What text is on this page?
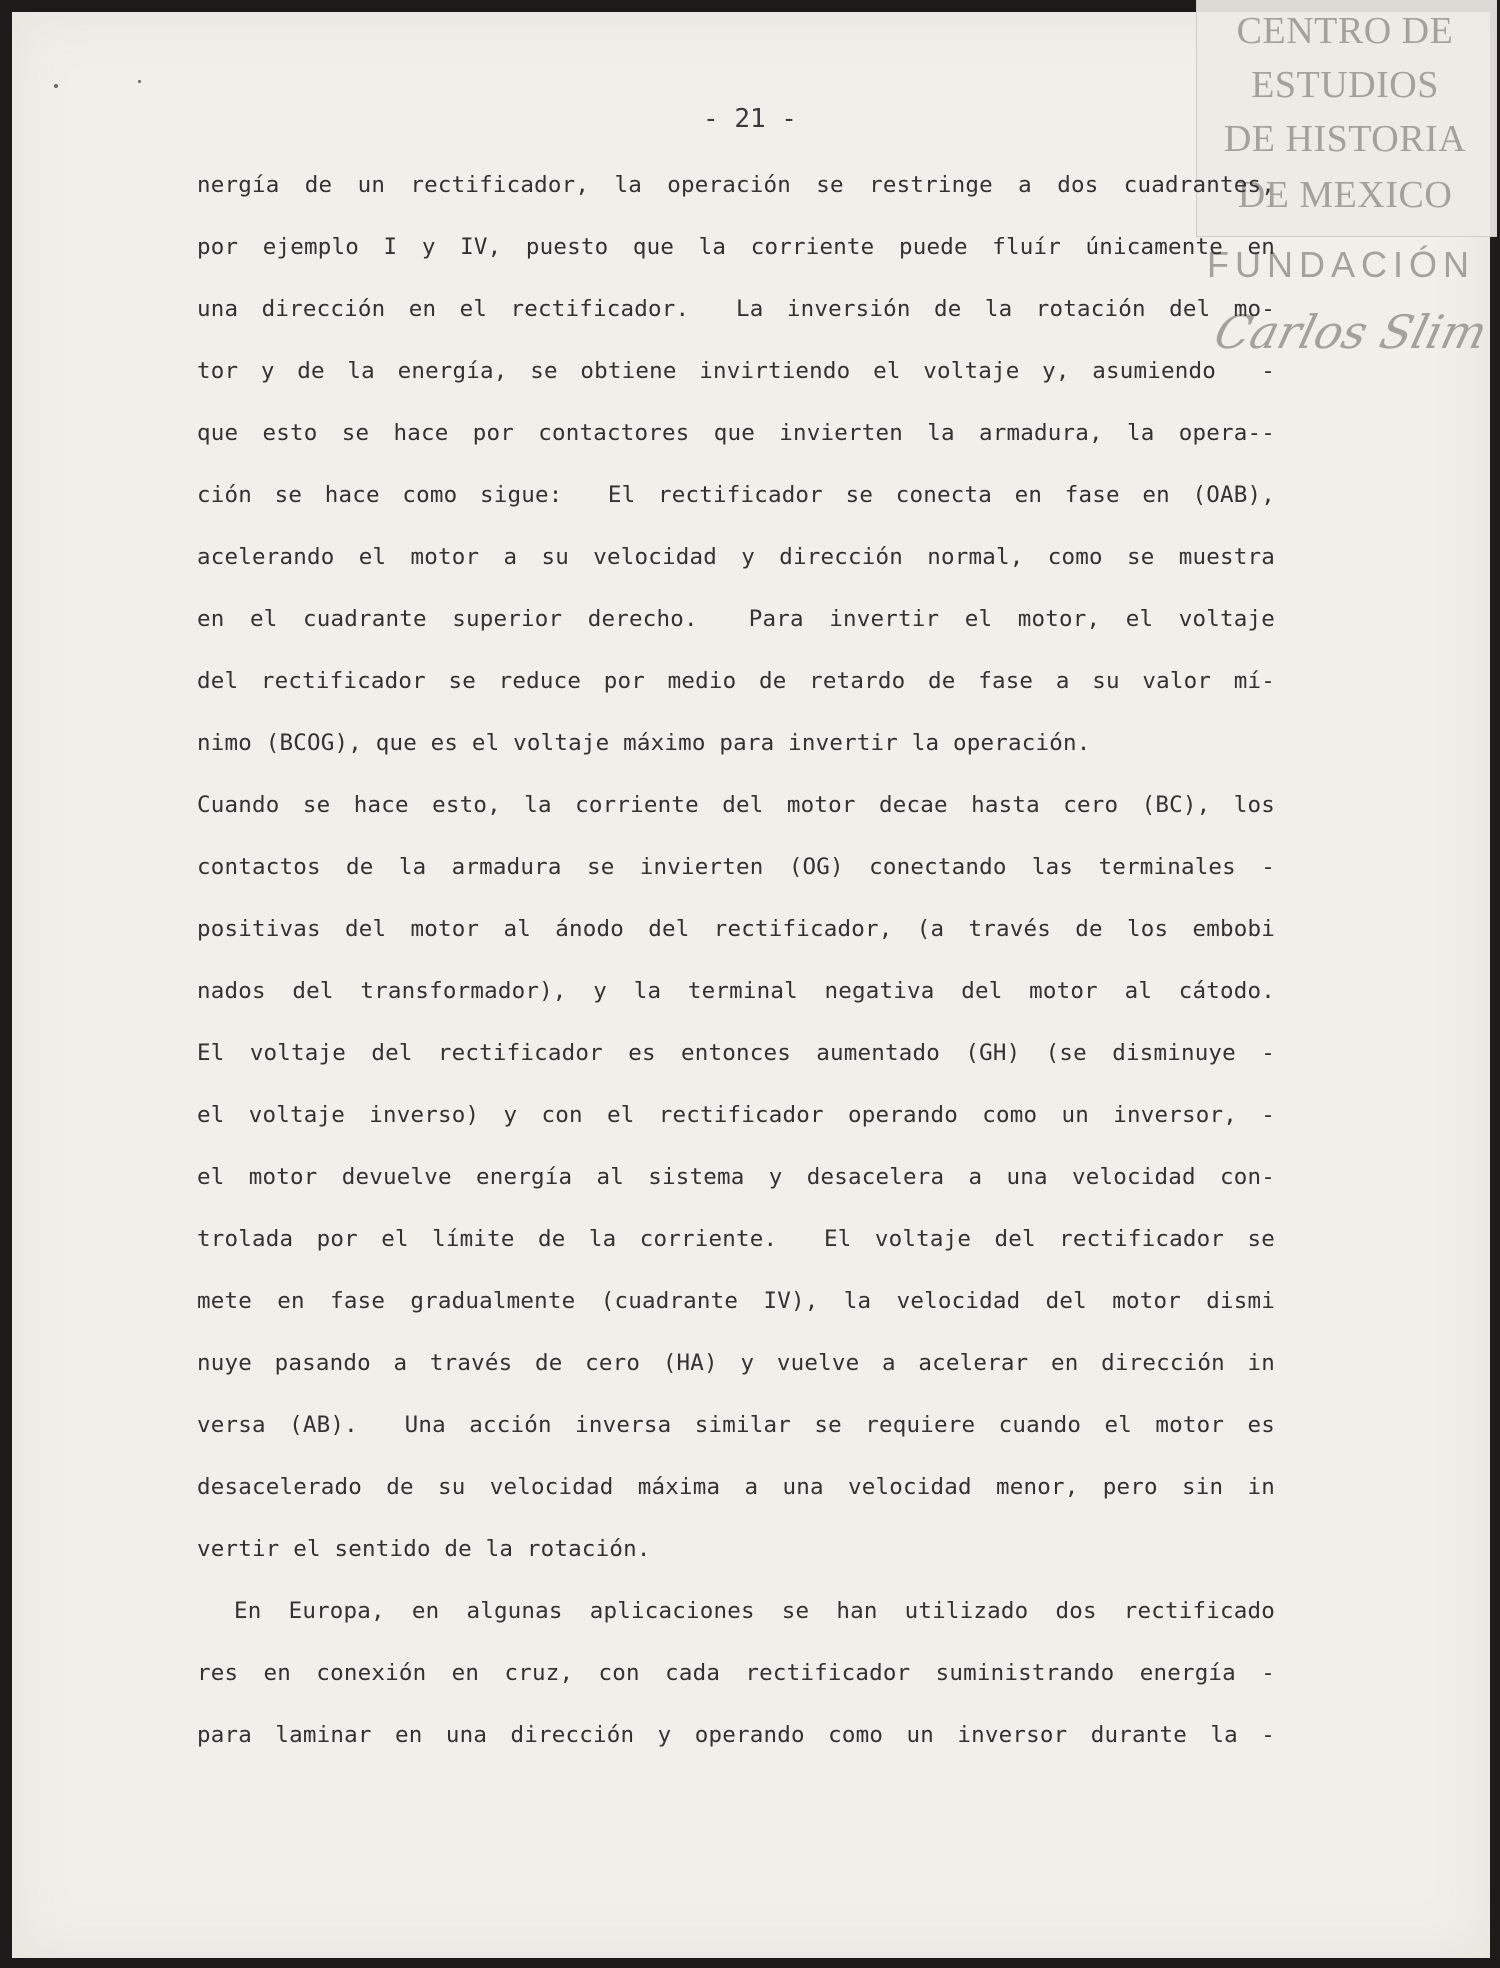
CENTRO DE
ESTUDIOS
DE HISTORIA
DE MEXICO
FUNDACIÓN
Carlos Slim
- 21 -
nergía de un rectificador, la operación se restringe a dos cuadrantes,
por ejemplo I y IV, puesto que la corriente puede fluír únicamente en
una dirección en el rectificador.  La inversión de la rotación del mo-
tor y de la energía, se obtiene invirtiendo el voltaje y, asumiendo  -
que esto se hace por contactores que invierten la armadura, la opera--
ción se hace como sigue:  El rectificador se conecta en fase en (OAB),
acelerando el motor a su velocidad y dirección normal, como se muestra
en el cuadrante superior derecho.  Para invertir el motor, el voltaje
del rectificador se reduce por medio de retardo de fase a su valor mí-
nimo (BCOG), que es el voltaje máximo para invertir la operación.
Cuando se hace esto, la corriente del motor decae hasta cero (BC), los
contactos de la armadura se invierten (OG) conectando las terminales -
positivas del motor al ánodo del rectificador, (a través de los embobi
nados del transformador), y la terminal negativa del motor al cátodo.
El voltaje del rectificador es entonces aumentado (GH) (se disminuye -
el voltaje inverso) y con el rectificador operando como un inversor, -
el motor devuelve energía al sistema y desacelera a una velocidad con-
trolada por el límite de la corriente.  El voltaje del rectificador se
mete en fase gradualmente (cuadrante IV), la velocidad del motor dismi
nuye pasando a través de cero (HA) y vuelve a acelerar en dirección in
versa (AB).  Una acción inversa similar se requiere cuando el motor es
desacelerado de su velocidad máxima a una velocidad menor, pero sin in
vertir el sentido de la rotación.
En Europa, en algunas aplicaciones se han utilizado dos rectificado
res en conexión en cruz, con cada rectificador suministrando energía -
para laminar en una dirección y operando como un inversor durante la -
